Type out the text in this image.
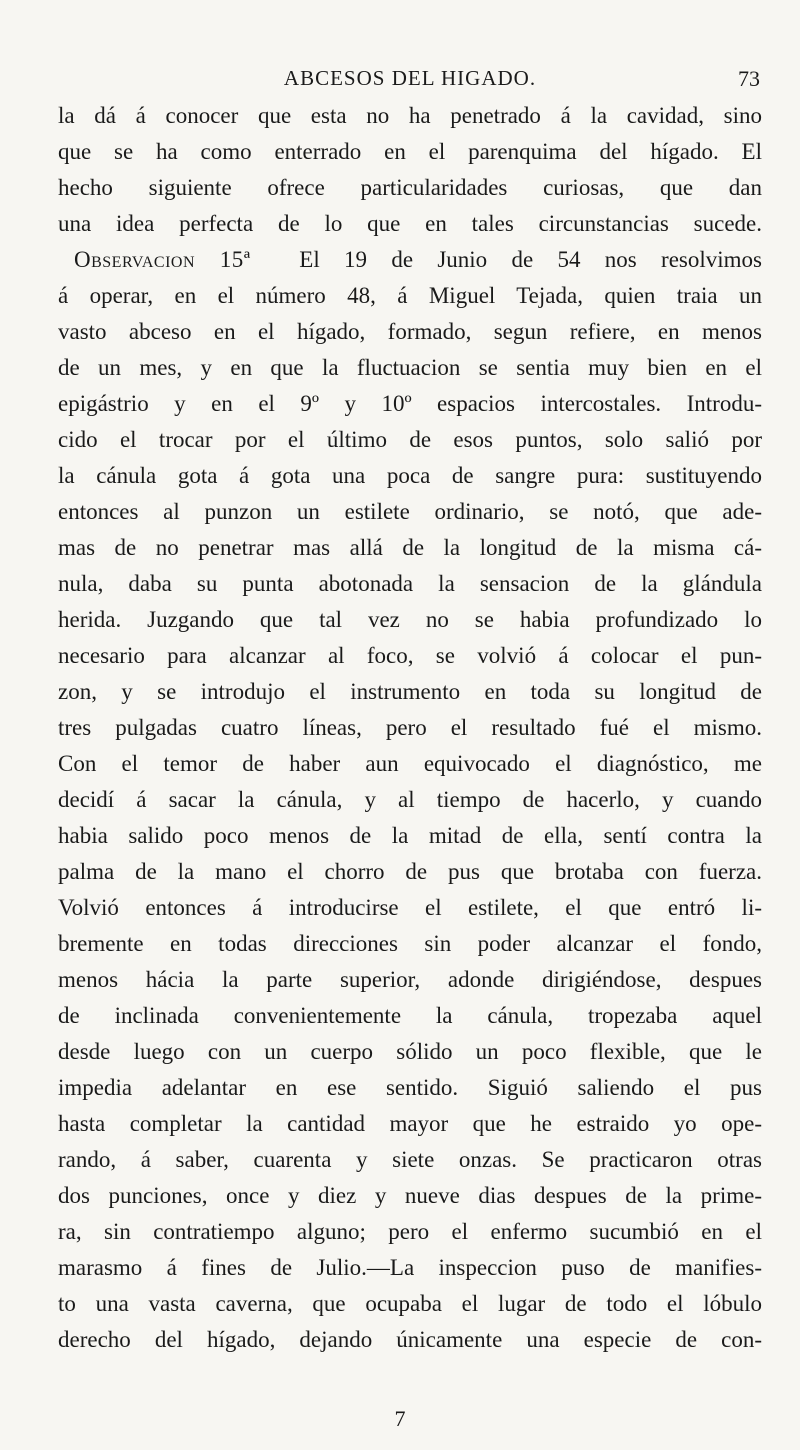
ABCESOS DEL HIGADO.	73
la dá á conocer que esta no ha penetrado á la cavidad, sino
que se ha como enterrado en el parenquima del hígado. El
hecho siguiente ofrece particularidades curiosas, que dan
una idea perfecta de lo que en tales circunstancias sucede.
Observacion 15ª El 19 de Junio de 54 nos resolvimos
á operar, en el número 48, á Miguel Tejada, quien traia un
vasto abceso en el hígado, formado, segun refiere, en menos
de un mes, y en que la fluctuacion se sentia muy bien en el
epigástrio y en el 9º y 10º espacios intercostales. Introdu-
cido el trocar por el último de esos puntos, solo salió por
la cánula gota á gota una poca de sangre pura: sustituyendo
entonces al punzon un estilete ordinario, se notó, que ade-
mas de no penetrar mas allá de la longitud de la misma cá-
nula, daba su punta abotonada la sensacion de la glándula
herida. Juzgando que tal vez no se habia profundizado lo
necesario para alcanzar al foco, se volvió á colocar el pun-
zon, y se introdujo el instrumento en toda su longitud de
tres pulgadas cuatro líneas, pero el resultado fué el mismo.
Con el temor de haber aun equivocado el diagnóstico, me
decidí á sacar la cánula, y al tiempo de hacerlo, y cuando
habia salido poco menos de la mitad de ella, sentí contra la
palma de la mano el chorro de pus que brotaba con fuerza.
Volvió entonces á introducirse el estilete, el que entró li-
bremente en todas direcciones sin poder alcanzar el fondo,
menos hácia la parte superior, adonde dirigiéndose, despues
de inclinada convenientemente la cánula, tropezaba aquel
desde luego con un cuerpo sólido un poco flexible, que le
impedia adelantar en ese sentido. Siguió saliendo el pus
hasta completar la cantidad mayor que he estraido yo ope-
rando, á saber, cuarenta y siete onzas. Se practicaron otras
dos punciones, once y diez y nueve dias despues de la prime-
ra, sin contratiempo alguno; pero el enfermo sucumbió en el
marasmo á fines de Julio.—La inspeccion puso de manifies-
to una vasta caverna, que ocupaba el lugar de todo el lóbulo
derecho del hígado, dejando únicamente una especie de con-
7
